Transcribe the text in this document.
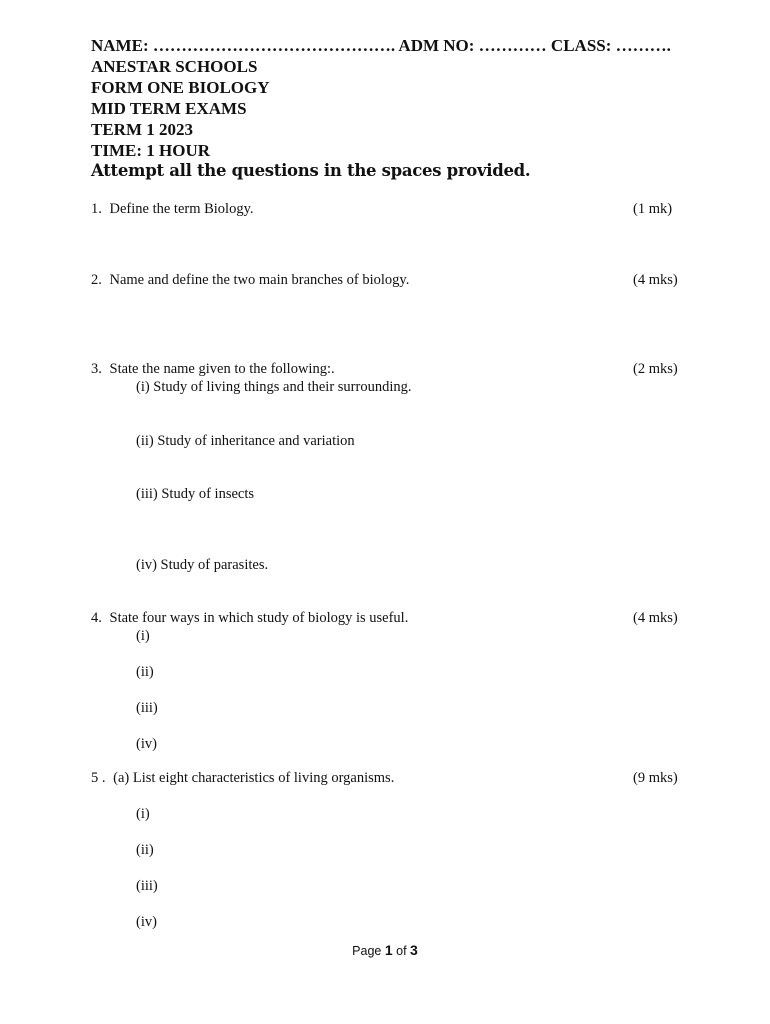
NAME: ……………………………………. ADM NO: ………… CLASS: ……….
ANESTAR SCHOOLS
FORM ONE BIOLOGY
MID TERM EXAMS
TERM 1 2023
TIME: 1 HOUR
Attempt all the questions in the spaces provided.
1. Define the term Biology.	(1 mk)
2. Name and define the two main branches of biology.	(4 mks)
3. State the name given to the following:.	(2 mks)
(i) Study of living things and their surrounding.
(ii) Study of inheritance and variation
(iii) Study of insects
(iv) Study of parasites.
4. State four ways in which study of biology is useful.	(4 mks)
(i)
(ii)
(iii)
(iv)
5 . (a) List eight characteristics of living organisms.	(9 mks)
(i)
(ii)
(iii)
(iv)
Page 1 of 3
